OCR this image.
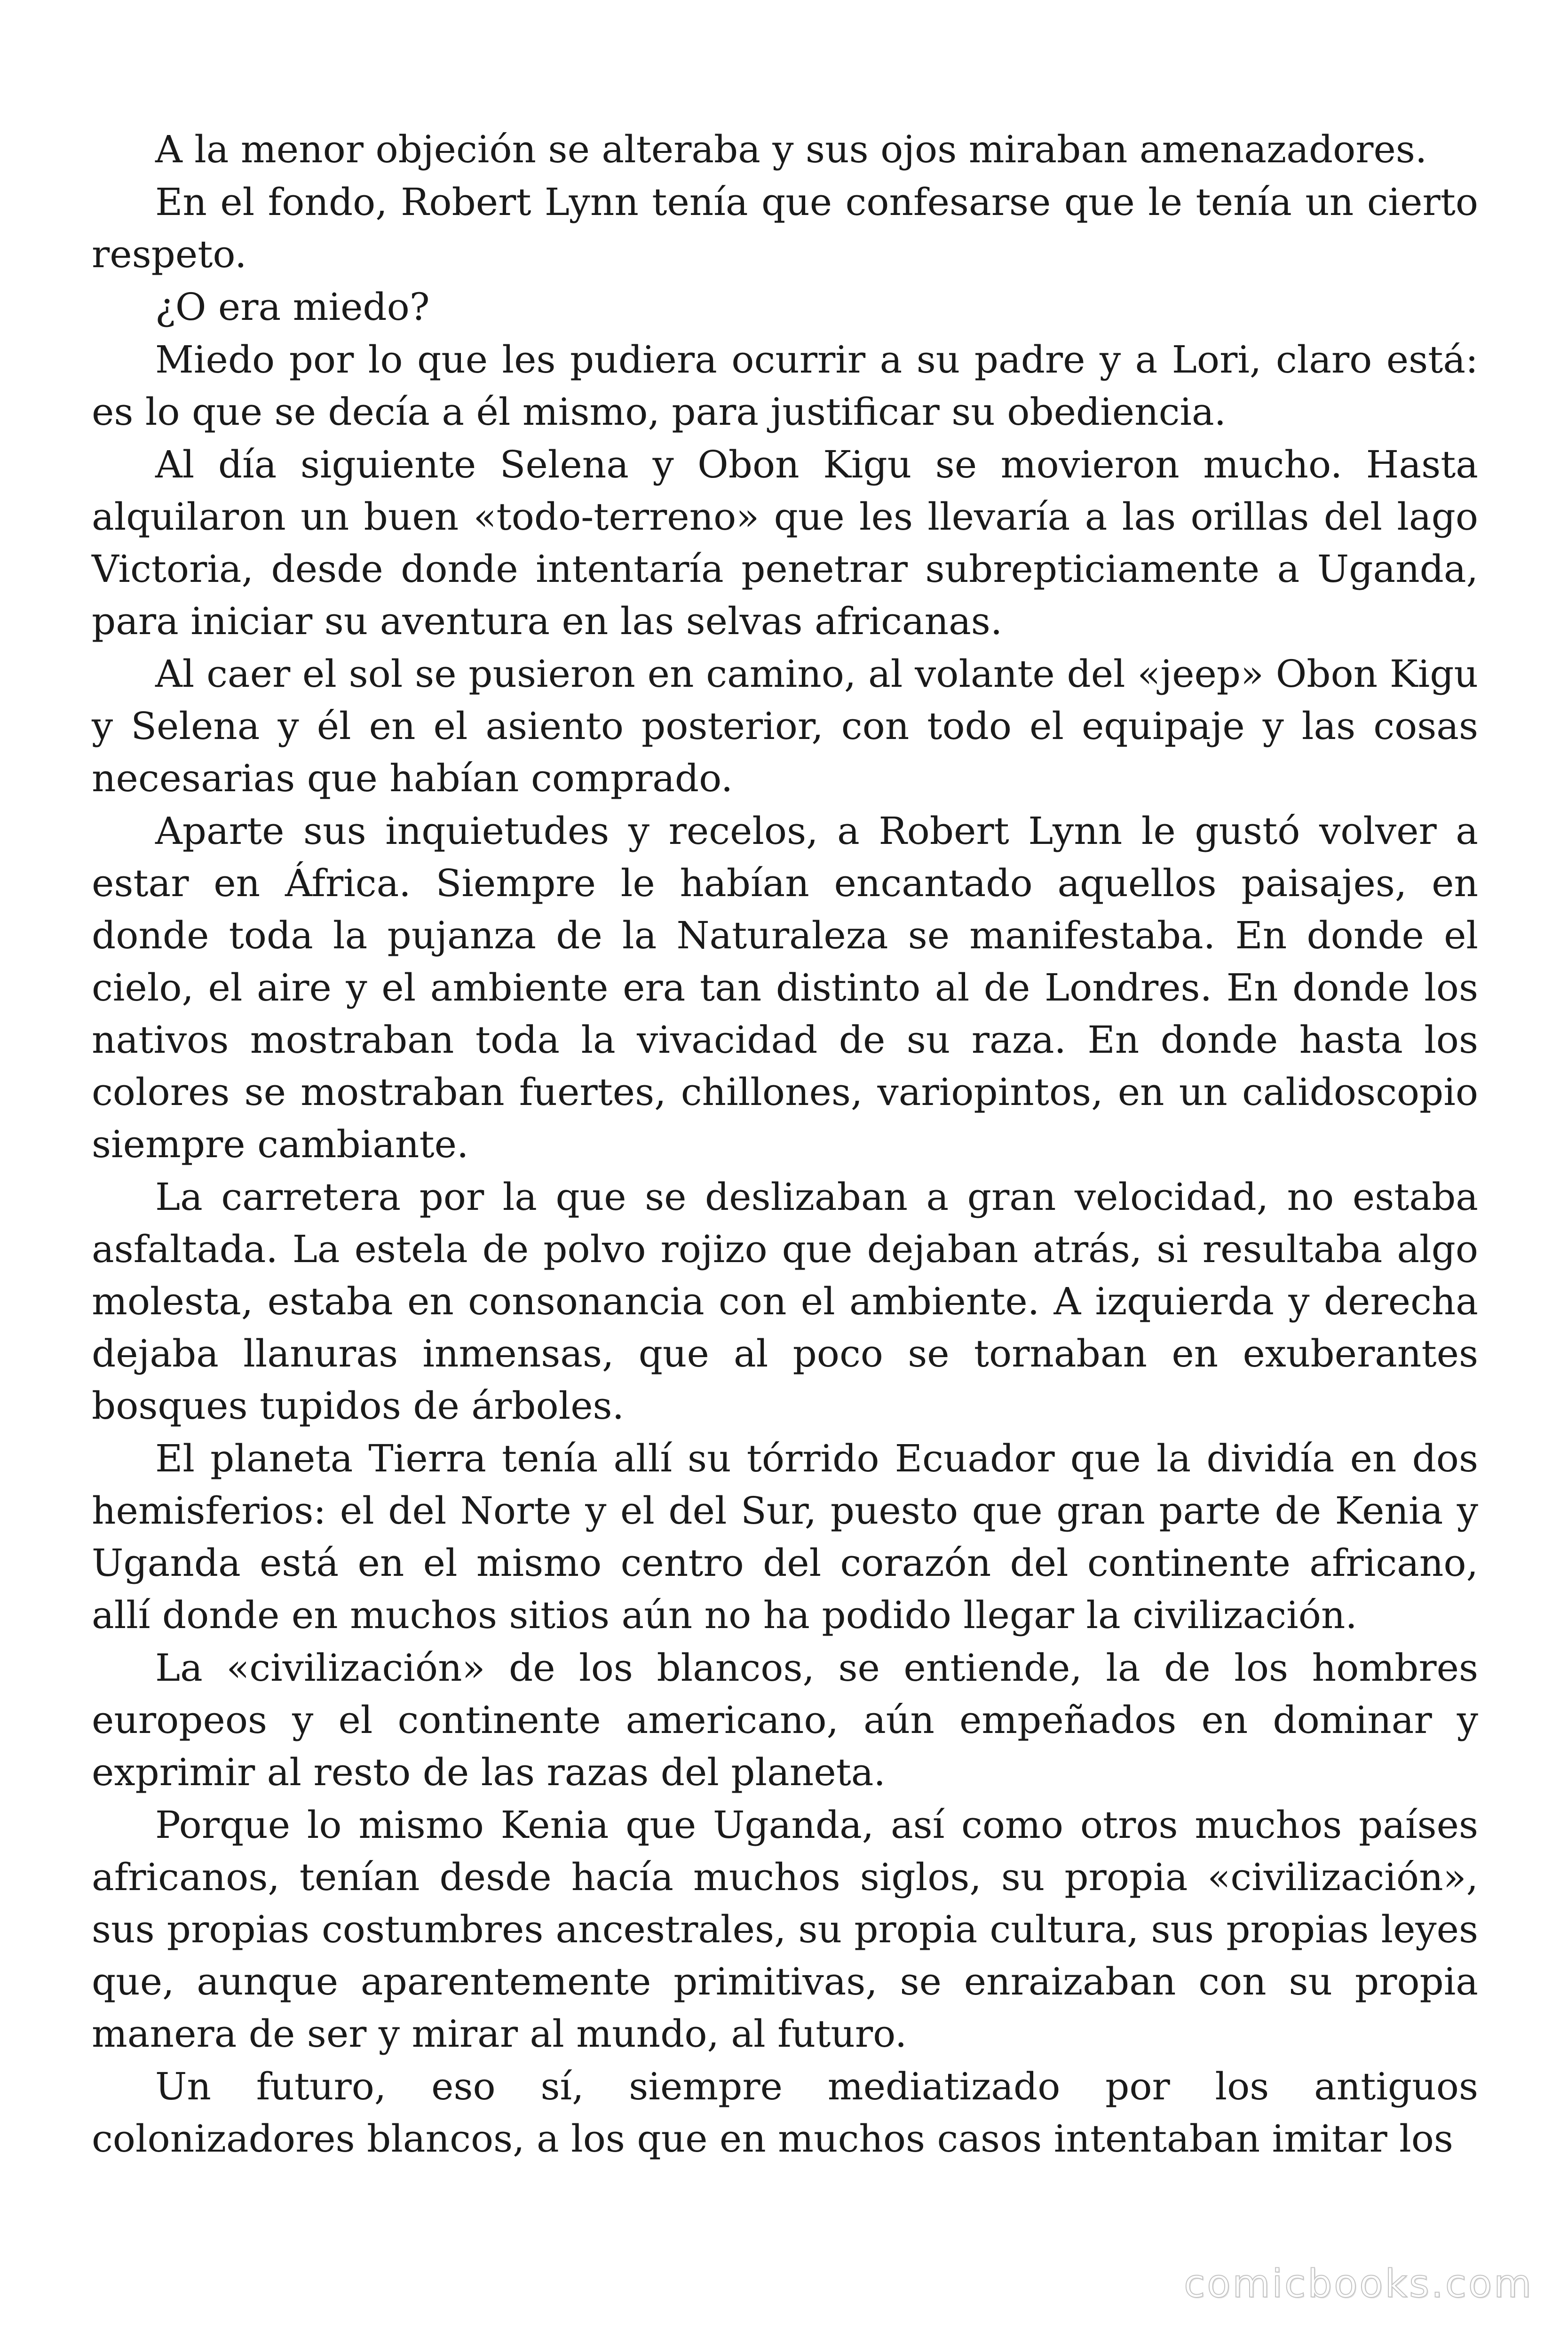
A la menor objeción se alteraba y sus ojos miraban amenazadores.

En el fondo, Robert Lynn tenía que confesarse que le tenía un cierto respeto.

¿O era miedo?

Miedo por lo que les pudiera ocurrir a su padre y a Lori, claro está: es lo que se decía a él mismo, para justificar su obediencia.

Al día siguiente Selena y Obon Kigu se movieron mucho. Hasta alquilaron un buen «todo-terreno» que les llevaría a las orillas del lago Victoria, desde donde intentaría penetrar subrepticiamente a Uganda, para iniciar su aventura en las selvas africanas.

Al caer el sol se pusieron en camino, al volante del «jeep» Obon Kigu y Selena y él en el asiento posterior, con todo el equipaje y las cosas necesarias que habían comprado.

Aparte sus inquietudes y recelos, a Robert Lynn le gustó volver a estar en África. Siempre le habían encantado aquellos paisajes, en donde toda la pujanza de la Naturaleza se manifestaba. En donde el cielo, el aire y el ambiente era tan distinto al de Londres. En donde los nativos mostraban toda la vivacidad de su raza. En donde hasta los colores se mostraban fuertes, chillones, variopintos, en un calidoscopio siempre cambiante.

La carretera por la que se deslizaban a gran velocidad, no estaba asfaltada. La estela de polvo rojizo que dejaban atrás, si resultaba algo molesta, estaba en consonancia con el ambiente. A izquierda y derecha dejaba llanuras inmensas, que al poco se tornaban en exuberantes bosques tupidos de árboles.

El planeta Tierra tenía allí su tórrido Ecuador que la dividía en dos hemisferios: el del Norte y el del Sur, puesto que gran parte de Kenia y Uganda está en el mismo centro del corazón del continente africano, allí donde en muchos sitios aún no ha podido llegar la civilización.

La «civilización» de los blancos, se entiende, la de los hombres europeos y el continente americano, aún empeñados en dominar y exprimir al resto de las razas del planeta.

Porque lo mismo Kenia que Uganda, así como otros muchos países africanos, tenían desde hacía muchos siglos, su propia «civilización», sus propias costumbres ancestrales, su propia cultura, sus propias leyes que, aunque aparentemente primitivas, se enraizaban con su propia manera de ser y mirar al mundo, al futuro.

Un futuro, eso sí, siempre mediatizado por los antiguos colonizadores blancos, a los que en muchos casos intentaban imitar los

comicbooks.com
